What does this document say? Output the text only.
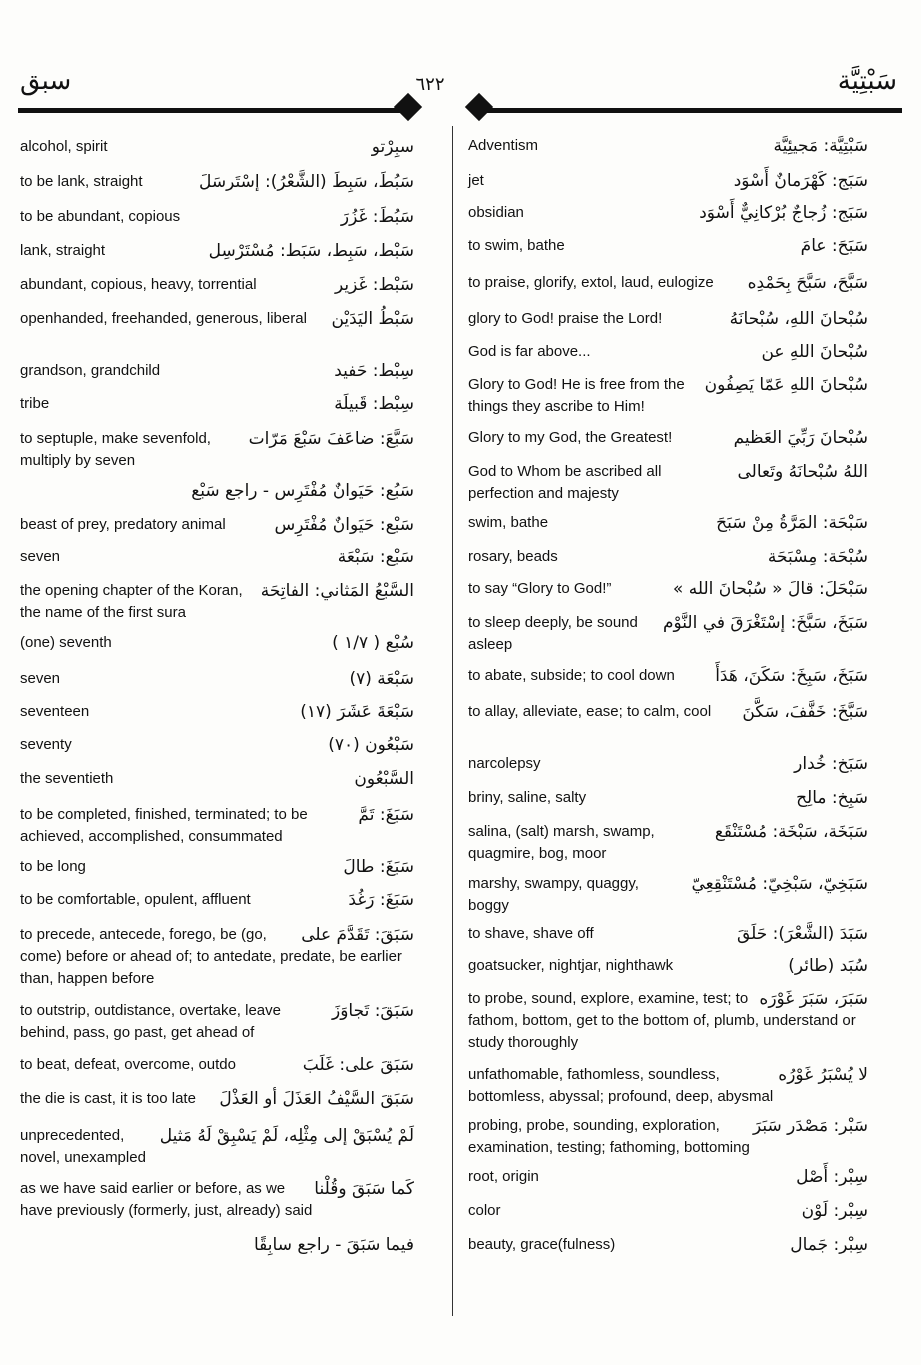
سبق	٦٢٢	سَبْتِيَّة
سبِرْتو
alcohol, spirit
سَبُطَ، سَبِطَ (الشَّعْرُ): إسْتَرسَلَ
to be lank, straight
سَبُطَ: غَزُرَ
to be abundant, copious
سَبْط، سَبِط، سَبَط: مُسْتَرْسِل
lank, straight
سَبْط: غَزير
abundant, copious, heavy, torrential
سَبْطُ اليَدَيْن
openhanded, freehanded, generous, liberal
سِبْط: حَفيد
grandson, grandchild
سِبْط: قَبيلَة
tribe
سَبَّعَ: ضاعَفَ سَبْعَ مَرّات
to septuple, make sevenfold, multiply by seven
سَبُع: حَيَوانٌ مُفْتَرِس - راجع سَبْع
سَبْع: حَيَوانٌ مُفْتَرِس
beast of prey, predatory animal
سَبْع: سَبْعَة
seven
السَّبْعُ المَثاني: الفاتِحَة
the opening chapter of the Koran, the name of the first sura
سُبْع ( ١/٧ )
(one) seventh
سَبْعَة (٧)
seven
سَبْعَةَ عَشَرَ (١٧)
seventeen
سَبْعُون (٧٠)
seventy
السَّبْعُون
the seventieth
سَبَغَ: تَمَّ
to be completed, finished, terminated; to be achieved, accomplished, consummated
سَبَغَ: طالَ
to be long
سَبَغَ: رَغُدَ
to be comfortable, opulent, affluent
سَبَقَ: تَقَدَّمَ على
to precede, antecede, forego, be (go, come) before or ahead of; to antedate, predate, be earlier than, happen before
سَبَقَ: تَجاوَزَ
to outstrip, outdistance, overtake, leave behind, pass, go past, get ahead of
سَبَقَ على: غَلَبَ
to beat, defeat, overcome, outdo
سَبَقَ السَّيْفُ العَذَلَ أو العَذْلَ
the die is cast, it is too late
لَمْ يُسْبَقْ إلى مِثْلِه، لَمْ يَسْبِقْ لَهُ مَثيل
unprecedented, novel, unexampled
كَما سَبَقَ وقُلْنا
as we have said earlier or before, as we have previously (formerly, just, already) said
فيما سَبَقَ - راجع سابِقًا
سَبْتِيَّة: مَجيئِيَّة
Adventism
سَبَج: كَهْرَمانٌ أَسْوَد
jet
سَبَج: زُجاجٌ بُرْكانِيٌّ أَسْوَد
obsidian
سَبَحَ: عامَ
to swim, bathe
سَبَّحَ، سَبَّحَ بِحَمْدِه
to praise, glorify, extol, laud, eulogize
سُبْحانَ اللهِ، سُبْحانَهُ
glory to God! praise the Lord!
سُبْحانَ اللهِ عن
God is far above...
سُبْحانَ اللهِ عَمّا يَصِفُون
Glory to God! He is free from the things they ascribe to Him!
سُبْحانَ رَبِّيَ العَظيم
Glory to my God, the Greatest!
اللهُ سُبْحانَهُ وتَعالى
God to Whom be ascribed all perfection and majesty
سَبْحَة: المَرَّةُ مِنْ سَبَحَ
swim, bathe
سُبْحَة: مِسْبَحَة
rosary, beads
سَبْحَلَ: قالَ « سُبْحانَ الله »
to say “Glory to God!”
سَبَخَ، سَبَّخَ: إسْتَغْرَقَ في النَّوْم
to sleep deeply, be sound asleep
سَبَخَ، سَبِخَ: سَكَنَ، هَدَأَ
to abate, subside; to cool down
سَبَّخَ: خَفَّفَ، سَكَّنَ
to allay, alleviate, ease; to calm, cool
سَبَخ: خُدار
narcolepsy
سَبِخ: مالِح
briny, saline, salty
سَبَخَة، سَبْخَة: مُسْتَنْقَع
salina, (salt) marsh, swamp, quagmire, bog, moor
سَبَخِيّ، سَبْخِيّ: مُسْتَنْقِعِيّ
marshy, swampy, quaggy, boggy
سَبَدَ (الشَّعْرَ): حَلَقَ
to shave, shave off
سُبَد (طائر)
goatsucker, nightjar, nighthawk
سَبَرَ، سَبَرَ غَوْرَه
to probe, sound, explore, examine, test; to fathom, bottom, get to the bottom of, plumb, understand or study thoroughly
لا يُسْبَرُ غَوْرُه
unfathomable, fathomless, soundless, bottomless, abyssal; profound, deep, abysmal
سَبْر: مَصْدَر سَبَرَ
probing, probe, sounding, exploration, examination, testing; fathoming, bottoming
سِبْر: أَصْل
root, origin
سِبْر: لَوْن
color
سِبْر: جَمال
beauty, grace(fulness)
